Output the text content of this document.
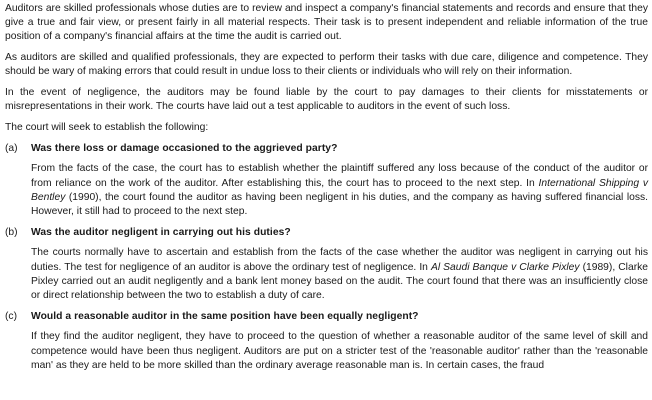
Auditors are skilled professionals whose duties are to review and inspect a company's financial statements and records and ensure that they give a true and fair view, or present fairly in all material respects. Their task is to present independent and reliable information of the true position of a company's financial affairs at the time the audit is carried out.

As auditors are skilled and qualified professionals, they are expected to perform their tasks with due care, diligence and competence. They should be wary of making errors that could result in undue loss to their clients or individuals who will rely on their information.

In the event of negligence, the auditors may be found liable by the court to pay damages to their clients for misstatements or misrepresentations in their work. The courts have laid out a test applicable to auditors in the event of such loss.

The court will seek to establish the following:

(a)	Was there loss or damage occasioned to the aggrieved party?

From the facts of the case, the court has to establish whether the plaintiff suffered any loss because of the conduct of the auditor or from reliance on the work of the auditor. After establishing this, the court has to proceed to the next step. In International Shipping v Bentley (1990), the court found the auditor as having been negligent in his duties, and the company as having suffered financial loss. However, it still had to proceed to the next step.

(b)	Was the auditor negligent in carrying out his duties?

The courts normally have to ascertain and establish from the facts of the case whether the auditor was negligent in carrying out his duties. The test for negligence of an auditor is above the ordinary test of negligence. In Al Saudi Banque v Clarke Pixley (1989), Clarke Pixley carried out an audit negligently and a bank lent money based on the audit. The court found that there was an insufficiently close or direct relationship between the two to establish a duty of care.

(c)	Would a reasonable auditor in the same position have been equally negligent?

If they find the auditor negligent, they have to proceed to the question of whether a reasonable auditor of the same level of skill and competence would have been thus negligent. Auditors are put on a stricter test of the 'reasonable auditor' rather than the 'reasonable man' as they are held to be more skilled than the ordinary average reasonable man is. In certain cases, the fraud
